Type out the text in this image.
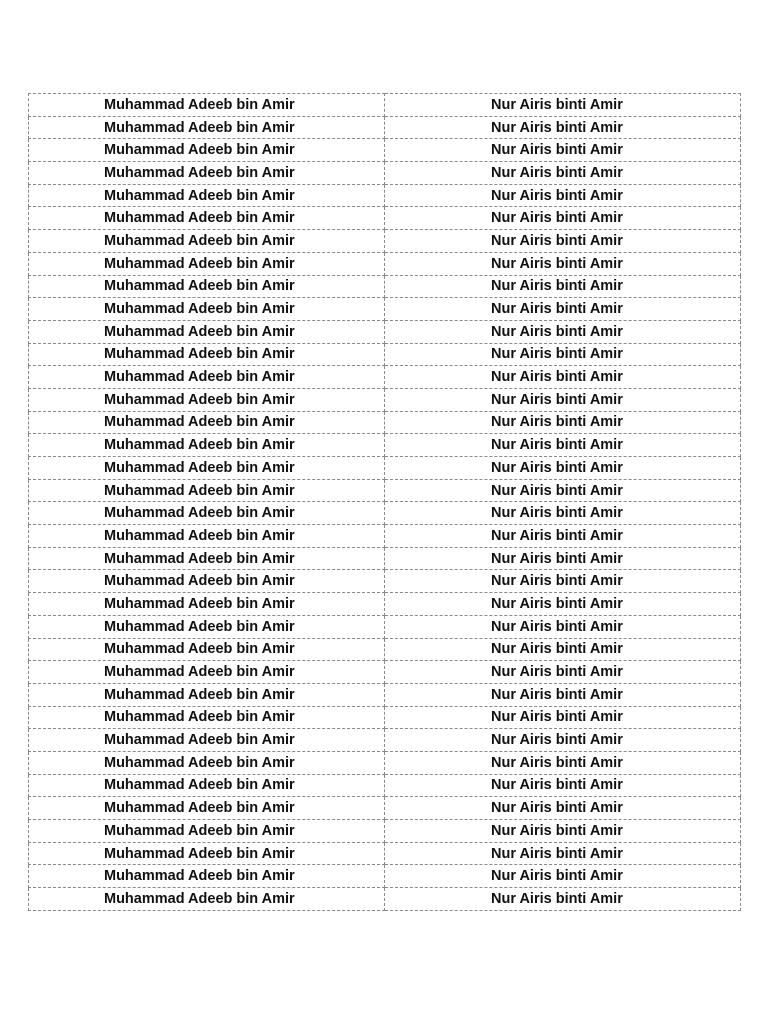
Muhammad Adeeb bin Amir	Nur Airis binti Amir
Muhammad Adeeb bin Amir	Nur Airis binti Amir
Muhammad Adeeb bin Amir	Nur Airis binti Amir
Muhammad Adeeb bin Amir	Nur Airis binti Amir
Muhammad Adeeb bin Amir	Nur Airis binti Amir
Muhammad Adeeb bin Amir	Nur Airis binti Amir
Muhammad Adeeb bin Amir	Nur Airis binti Amir
Muhammad Adeeb bin Amir	Nur Airis binti Amir
Muhammad Adeeb bin Amir	Nur Airis binti Amir
Muhammad Adeeb bin Amir	Nur Airis binti Amir
Muhammad Adeeb bin Amir	Nur Airis binti Amir
Muhammad Adeeb bin Amir	Nur Airis binti Amir
Muhammad Adeeb bin Amir	Nur Airis binti Amir
Muhammad Adeeb bin Amir	Nur Airis binti Amir
Muhammad Adeeb bin Amir	Nur Airis binti Amir
Muhammad Adeeb bin Amir	Nur Airis binti Amir
Muhammad Adeeb bin Amir	Nur Airis binti Amir
Muhammad Adeeb bin Amir	Nur Airis binti Amir
Muhammad Adeeb bin Amir	Nur Airis binti Amir
Muhammad Adeeb bin Amir	Nur Airis binti Amir
Muhammad Adeeb bin Amir	Nur Airis binti Amir
Muhammad Adeeb bin Amir	Nur Airis binti Amir
Muhammad Adeeb bin Amir	Nur Airis binti Amir
Muhammad Adeeb bin Amir	Nur Airis binti Amir
Muhammad Adeeb bin Amir	Nur Airis binti Amir
Muhammad Adeeb bin Amir	Nur Airis binti Amir
Muhammad Adeeb bin Amir	Nur Airis binti Amir
Muhammad Adeeb bin Amir	Nur Airis binti Amir
Muhammad Adeeb bin Amir	Nur Airis binti Amir
Muhammad Adeeb bin Amir	Nur Airis binti Amir
Muhammad Adeeb bin Amir	Nur Airis binti Amir
Muhammad Adeeb bin Amir	Nur Airis binti Amir
Muhammad Adeeb bin Amir	Nur Airis binti Amir
Muhammad Adeeb bin Amir	Nur Airis binti Amir
Muhammad Adeeb bin Amir	Nur Airis binti Amir
Muhammad Adeeb bin Amir	Nur Airis binti Amir
